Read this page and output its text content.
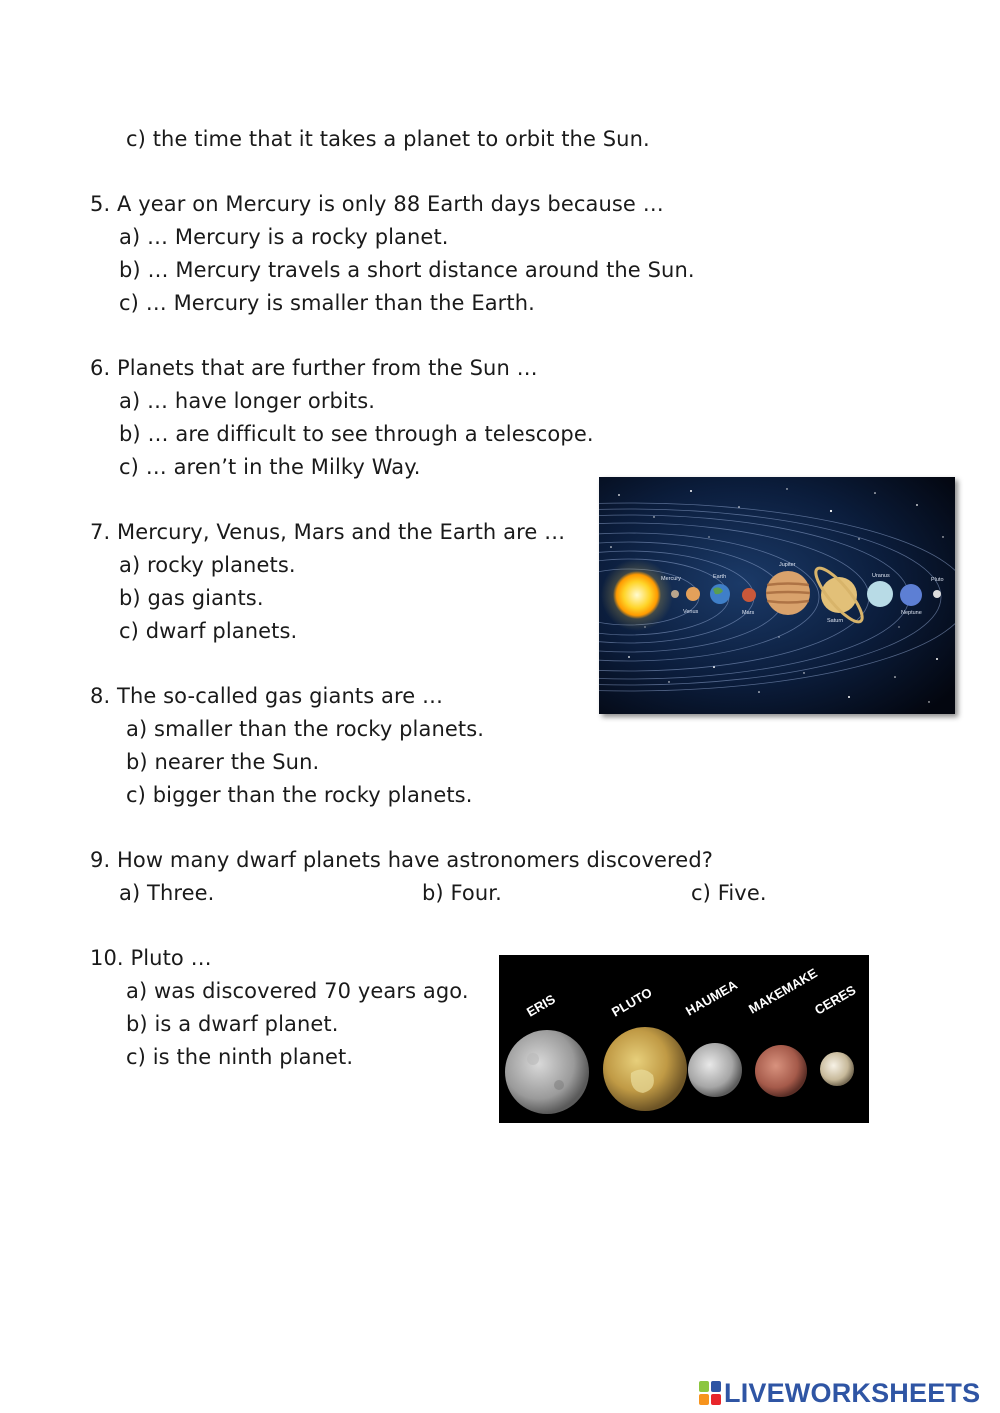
c) the time that it takes a planet to orbit the Sun.
5. A year on Mercury is only 88 Earth days because …
a) … Mercury is a rocky planet.
b) … Mercury travels a short distance around the Sun.
c) … Mercury is smaller than the Earth.
6. Planets that are further from the Sun …
a) … have longer orbits.
b) … are difficult to see through a telescope.
c) … aren’t in the Milky Way.
7. Mercury, Venus, Mars and the Earth are …
a) rocky planets.
b) gas giants.
c) dwarf planets.
8. The so-called gas giants are …
a) smaller than the rocky planets.
b) nearer the Sun.
c) bigger than the rocky planets.
9. How many dwarf planets have astronomers discovered?
a) Three.	b) Four.	c) Five.
10. Pluto …
a) was discovered 70 years ago.
b) is a dwarf planet.
c) is the ninth planet.
Mercury
Venus
Earth
Mars
Jupiter
Saturn
Uranus
Neptune
Pluto
ERIS	PLUTO HAUMEA MAKEMAKE
CERES
LIVEWORKSHEETS
